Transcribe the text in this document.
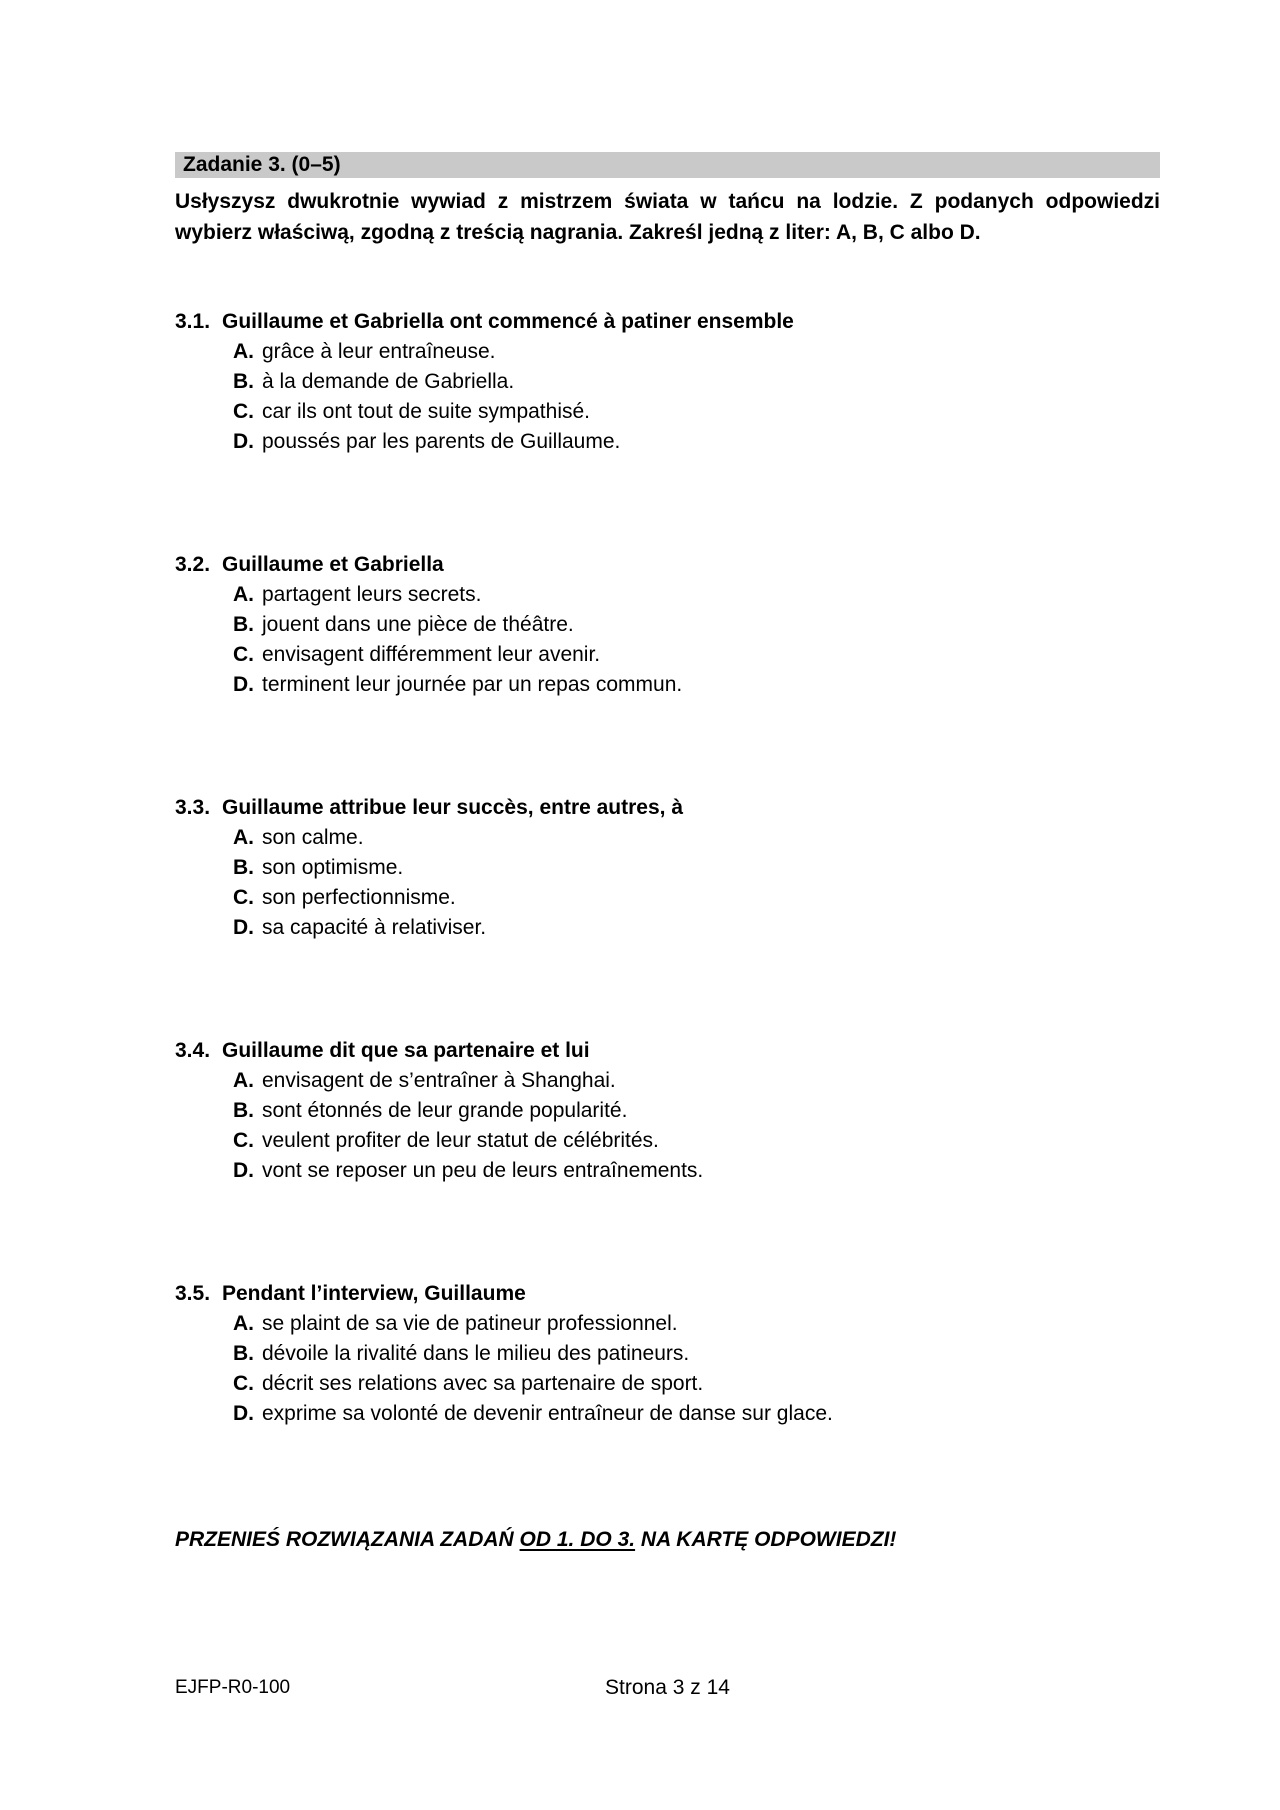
Zadanie 3. (0–5)

Usłyszysz dwukrotnie wywiad z mistrzem świata w tańcu na lodzie. Z podanych odpowiedzi wybierz właściwą, zgodną z treścią nagrania. Zakreśl jedną z liter: A, B, C albo D.

3.1. Guillaume et Gabriella ont commencé à patiner ensemble
A. grâce à leur entraîneuse.
B. à la demande de Gabriella.
C. car ils ont tout de suite sympathisé.
D. poussés par les parents de Guillaume.
3.2. Guillaume et Gabriella
A. partagent leurs secrets.
B. jouent dans une pièce de théâtre.
C. envisagent différemment leur avenir.
D. terminent leur journée par un repas commun.
3.3. Guillaume attribue leur succès, entre autres, à
A. son calme.
B. son optimisme.
C. son perfectionnisme.
D. sa capacité à relativiser.
3.4. Guillaume dit que sa partenaire et lui
A. envisagent de s’entraîner à Shanghai.
B. sont étonnés de leur grande popularité.
C. veulent profiter de leur statut de célébrités.
D. vont se reposer un peu de leurs entraînements.
3.5. Pendant l’interview, Guillaume
A. se plaint de sa vie de patineur professionnel.
B. dévoile la rivalité dans le milieu des patineurs.
C. décrit ses relations avec sa partenaire de sport.
D. exprime sa volonté de devenir entraîneur de danse sur glace.

PRZENIEŚ ROZWIĄZANIA ZADAŃ OD 1. DO 3. NA KARTĘ ODPOWIEDZI!

EJFP-R0-100	Strona 3 z 14
